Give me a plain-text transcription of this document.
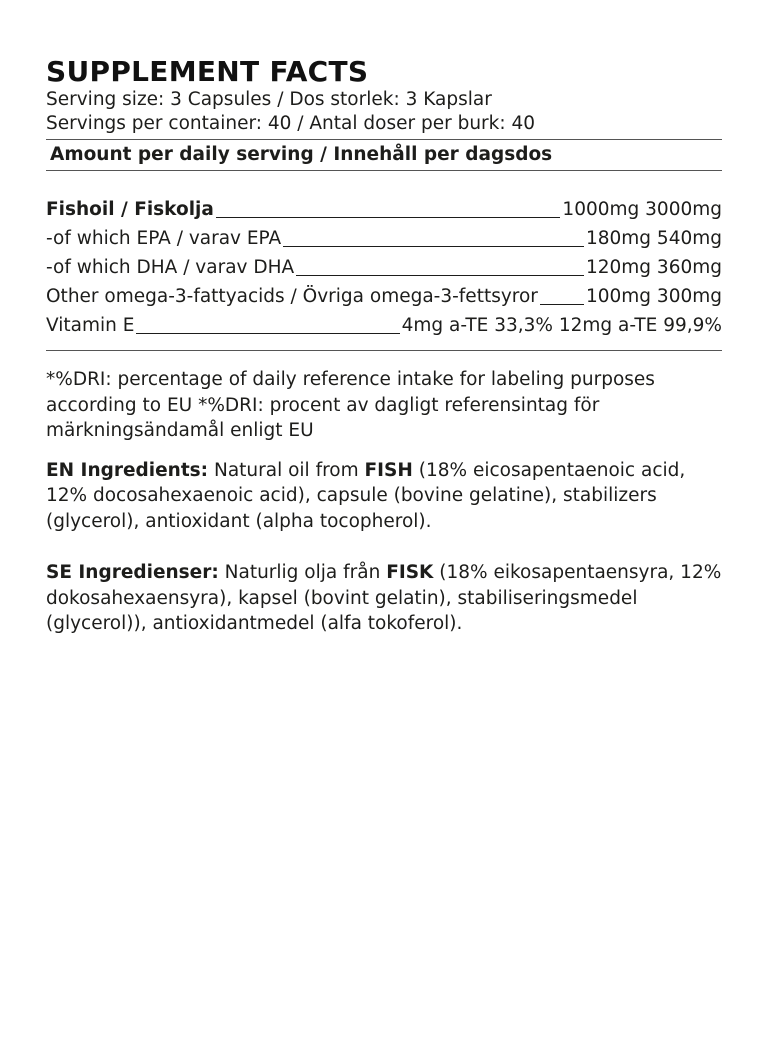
SUPPLEMENT FACTS
Serving size: 3 Capsules / Dos storlek: 3 Kapslar
Servings per container: 40 / Antal doser per burk: 40
Amount per daily serving / Innehåll per dagsdos
Fishoil / Fiskolja	1000mg 3000mg
-of which EPA / varav EPA	180mg 540mg
-of which DHA / varav DHA	120mg 360mg
Other omega-3-fattyacids / Övriga omega-3-fettsyror	100mg 300mg
Vitamin E	4mg a-TE 33,3% 12mg a-TE 99,9%
*%DRI: percentage of daily reference intake for labeling purposes according to EU *%DRI: procent av dagligt referensintag för märkningsändamål enligt EU
EN Ingredients: Natural oil from FISH (18% eicosapentaenoic acid, 12% docosahexaenoic acid), capsule (bovine gelatine), stabilizers (glycerol), antioxidant (alpha tocopherol).
SE Ingredienser: Naturlig olja från FISK (18% eikosapentaensyra, 12% dokosahexaensyra), kapsel (bovint gelatin), stabiliseringsmedel (glycerol)), antioxidantmedel (alfa tokoferol).
